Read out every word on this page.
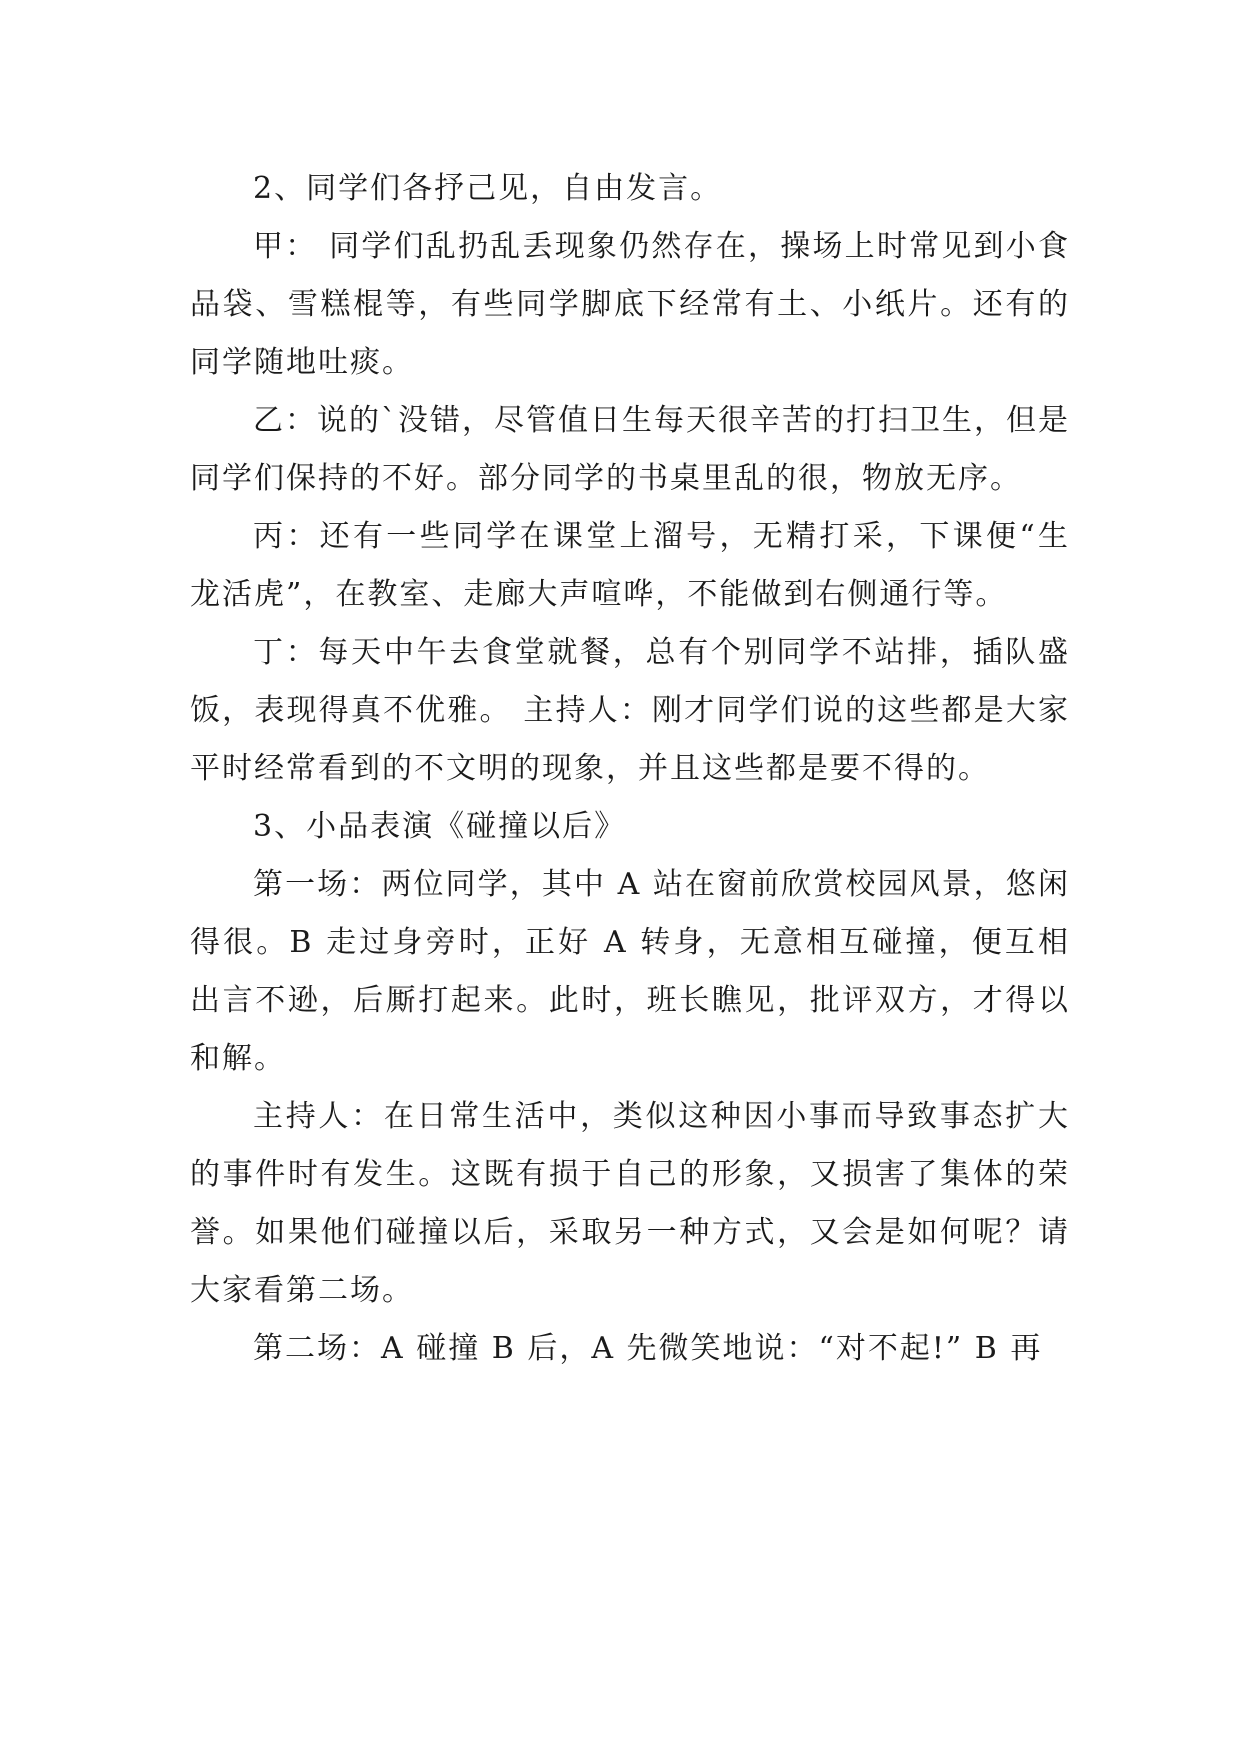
2、同学们各抒己见，自由发言。

甲： 同学们乱扔乱丢现象仍然存在，操场上时常见到小食品袋、雪糕棍等，有些同学脚底下经常有土、小纸片。还有的同学随地吐痰。

乙：说的`没错，尽管值日生每天很辛苦的打扫卫生，但是同学们保持的不好。部分同学的书桌里乱的很，物放无序。

丙：还有一些同学在课堂上溜号，无精打采，下课便“生龙活虎”，在教室、走廊大声喧哗，不能做到右侧通行等。

丁：每天中午去食堂就餐，总有个别同学不站排，插队盛饭，表现得真不优雅。 主持人：刚才同学们说的这些都是大家平时经常看到的不文明的现象，并且这些都是要不得的。

3、小品表演《碰撞以后》

第一场：两位同学，其中 A 站在窗前欣赏校园风景，悠闲得很。B 走过身旁时，正好 A 转身，无意相互碰撞，便互相出言不逊，后厮打起来。此时，班长瞧见，批评双方，才得以和解。

主持人：在日常生活中，类似这种因小事而导致事态扩大的事件时有发生。这既有损于自己的形象，又损害了集体的荣誉。如果他们碰撞以后，采取另一种方式，又会是如何呢？请大家看第二场。

第二场：A 碰撞 B 后，A 先微笑地说：“对不起!” B 再
